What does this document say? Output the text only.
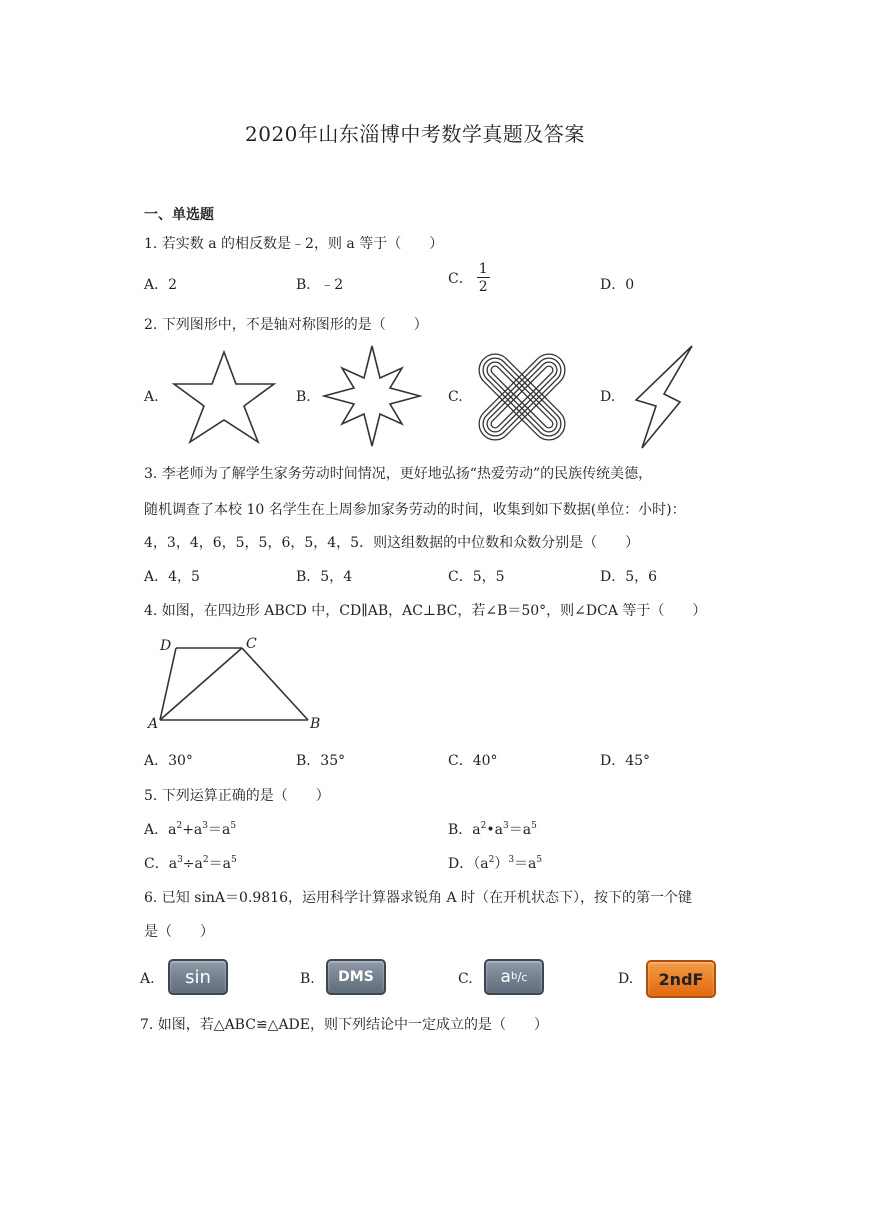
2020年山东淄博中考数学真题及答案
一、单选题
1. 若实数 a 的相反数是﹣2，则 a 等于（　　）
A．2	B．﹣2	C． $\frac{1}{2}$	D．0
2. 下列图形中，不是轴对称图形的是（　　）
A.	B.	C.	D.
3. 李老师为了解学生家务劳动时间情况，更好地弘扬“热爱劳动”的民族传统美德，
随机调查了本校 10 名学生在上周参加家务劳动的时间，收集到如下数据(单位：小时)：
4，3，4，6，5，5，6，5，4，5．则这组数据的中位数和众数分别是（　　）
A．4，5	B．5，4	C．5，5	D．5，6
4. 如图，在四边形 ABCD 中，CD∥AB，AC⊥BC，若∠B＝50°，则∠DCA 等于（　　）
D	C
A	B
A．30°	B．35°	C．40°	D．45°
5. 下列运算正确的是（　　）
A．$a^2+a^3=a^5$	B．$a^2•a^3=a^5$
C．$a^3\div a^2=a^5$	D．$(a^2)^3=a^5$
6. 已知 sinA＝0.9816，运用科学计算器求锐角 A 时（在开机状态下），按下的第一个键
是（　　）
A. sin	B. DMS	C. a b / c	D. 2ndF
7. 如图，若△ABC≌△ADE，则下列结论中一定成立的是（　　）
